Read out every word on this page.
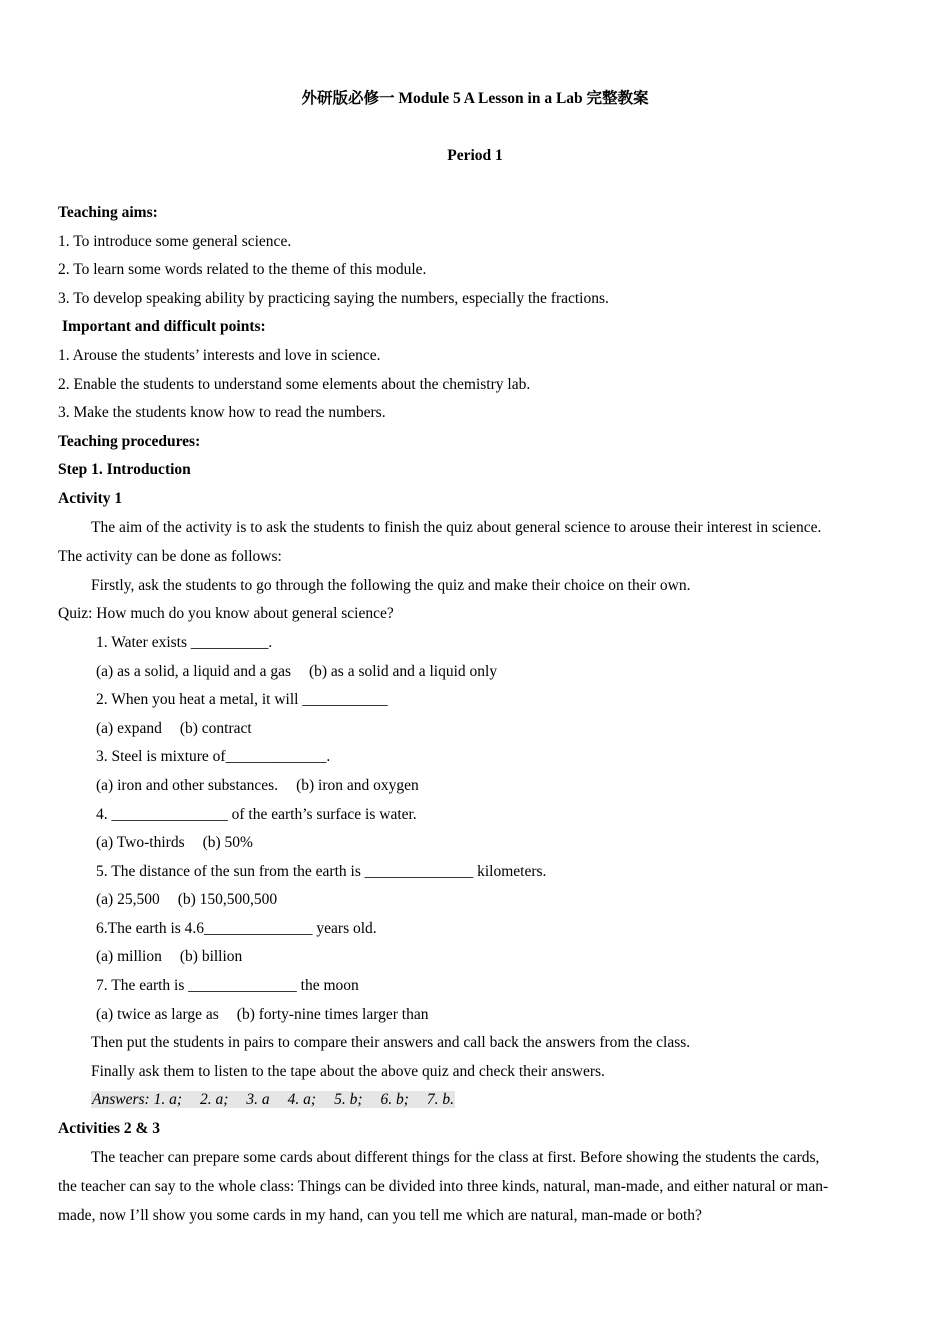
外研版必修一 Module 5 A Lesson in a Lab 完整教案
Period 1
Teaching aims:
1. To introduce some general science.
2. To learn some words related to the theme of this module.
3. To develop speaking ability by practicing saying the numbers, especially the fractions.
Important and difficult points:
1. Arouse the students’ interests and love in science.
2. Enable the students to understand some elements about the chemistry lab.
3. Make the students know how to read the numbers.
Teaching procedures:
Step 1. Introduction
Activity 1
The aim of the activity is to ask the students to finish the quiz about general science to arouse their interest in science.
The activity can be done as follows:
Firstly, ask the students to go through the following the quiz and make their choice on their own.
Quiz: How much do you know about general science?
1. Water exists __________.
(a) as a solid, a liquid and a gas (b) as a solid and a liquid only
2. When you heat a metal, it will ___________
(a) expand (b) contract
3. Steel is mixture of_____________.
(a) iron and other substances. (b) iron and oxygen
4. _______________ of the earth’s surface is water.
(a) Two-thirds (b) 50%
5. The distance of the sun from the earth is ______________ kilometers.
(a) 25,500 (b) 150,500,500
6.The earth is 4.6______________ years old.
(a) million (b) billion
7. The earth is ______________ the moon
(a) twice as large as (b) forty-nine times larger than
Then put the students in pairs to compare their answers and call back the answers from the class.
Finally ask them to listen to the tape about the above quiz and check their answers.
Answers: 1. a; 2. a; 3. a 4. a; 5. b; 6. b; 7. b.
Activities 2 & 3
The teacher can prepare some cards about different things for the class at first. Before showing the students the cards,
the teacher can say to the whole class: Things can be divided into three kinds, natural, man-made, and either natural or man-
made, now I’ll show you some cards in my hand, can you tell me which are natural, man-made or both?
